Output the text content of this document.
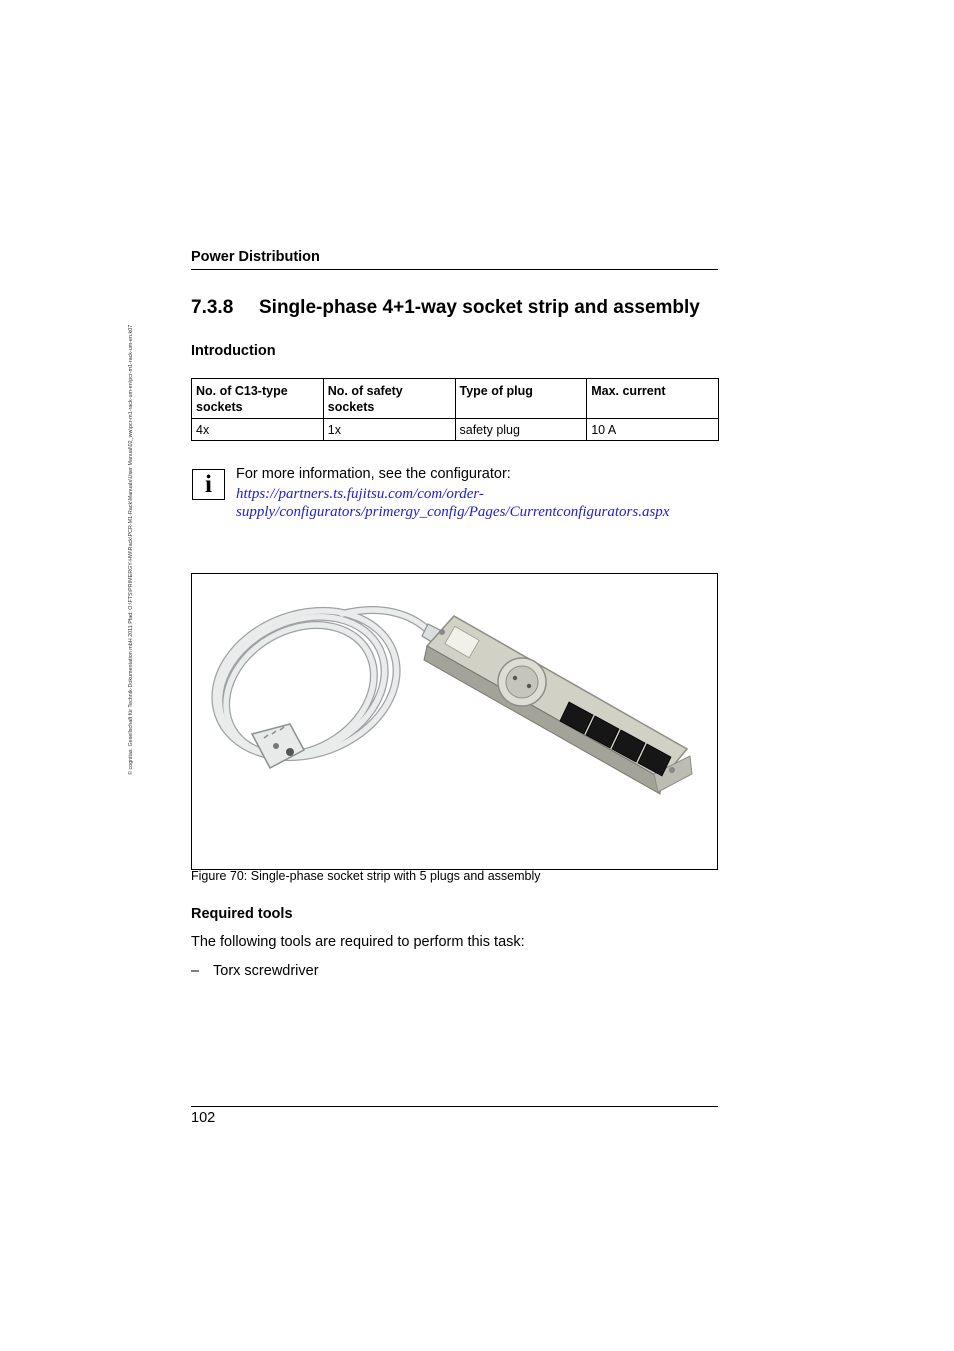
© cognitas. Gesellschaft für Technik-Dokumentation mbH 2011 Pfad: O:\FTS\PRIMERGY-HW\Rack\PCR-M1-Rack\Manuals\User Manual\02_ww\pcr-m1-rack-um-en\pcr-m1-rack-um-en.k07
Power Distribution
7.3.8 Single-phase 4+1-way socket strip and assembly
Introduction
No. of C13-type sockets	No. of safety sockets	Type of plug	Max. current
4x	1x	safety plug	10 A
i	For more information, see the configurator:
https://partners.ts.fujitsu.com/com/order-
supply/configurators/primergy_config/Pages/Currentconfigurators.aspx
Figure 70: Single-phase socket strip with 5 plugs and assembly
Required tools
The following tools are required to perform this task:
– Torx screwdriver
102
